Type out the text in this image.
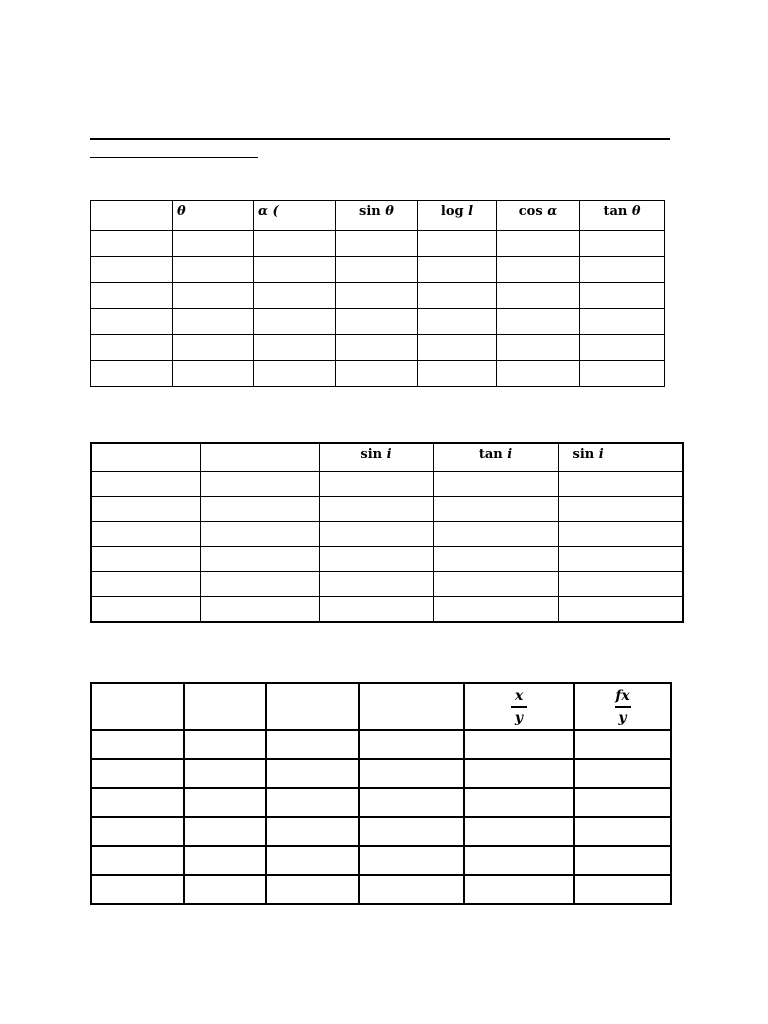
	θ	α (	sin θ	log l	cos α	tan θ

		sin i	tan i	sin i

				$\frac{x}{y}$	$\frac{fx}{y}$
